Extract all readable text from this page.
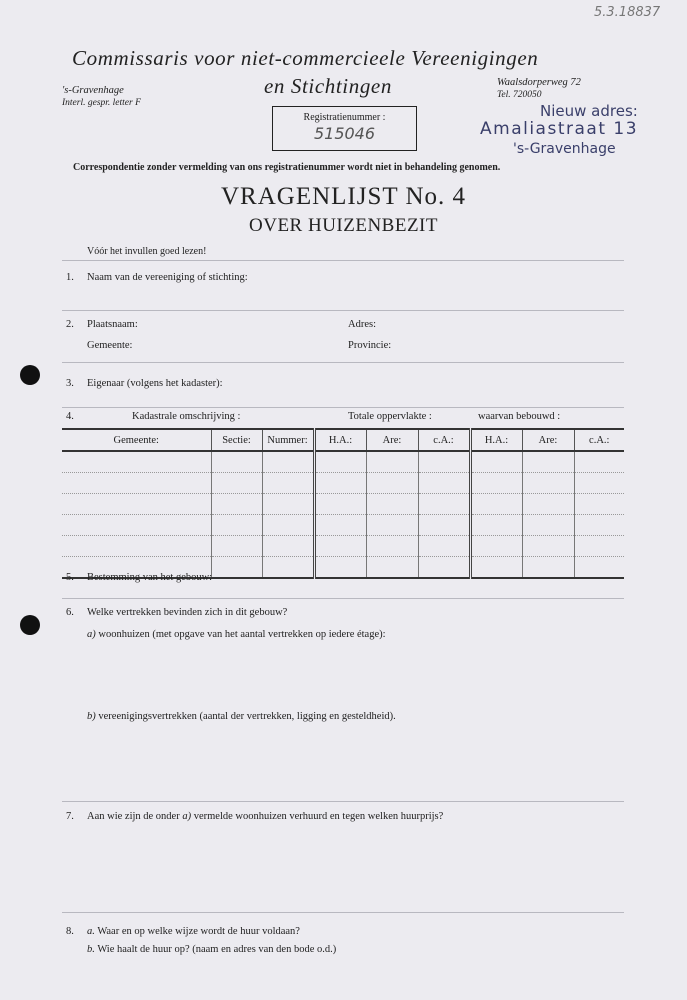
5.3.18837
Commissaris voor niet-commercieele Vereenigingen
en Stichtingen
's-Gravenhage
Interl. gespr. letter F
Waalsdorperweg 72
Tel. 720050
Nieuw adres:
Amaliastraat 13
's-Gravenhage
Registratienummer :
515046
Correspondentie zonder vermelding van ons registratienummer wordt niet in behandeling genomen.
VRAGENLIJST No. 4
OVER HUIZENBEZIT
Vóór het invullen goed lezen!
1. Naam van de vereeniging of stichting:
2. Plaatsnaam:	Adres:
Gemeente:	Provincie:
3. Eigenaar (volgens het kadaster):
4.	Kadastrale omschrijving :	Totale oppervlakte :	waarvan bebouwd :
Gemeente:	Sectie:	Nummer:	H.A.:	Are:	c.A.:	H.A.:	Are:	c.A.:

5. Bestemming van het gebouw:
6. Welke vertrekken bevinden zich in dit gebouw?
a) woonhuizen (met opgave van het aantal vertrekken op iedere étage):
b) vereenigingsvertrekken (aantal der vertrekken, ligging en gesteldheid).
7. Aan wie zijn de onder a) vermelde woonhuizen verhuurd en tegen welken huurprijs?
8. a. Waar en op welke wijze wordt de huur voldaan?
b. Wie haalt de huur op? (naam en adres van den bode o.d.)
